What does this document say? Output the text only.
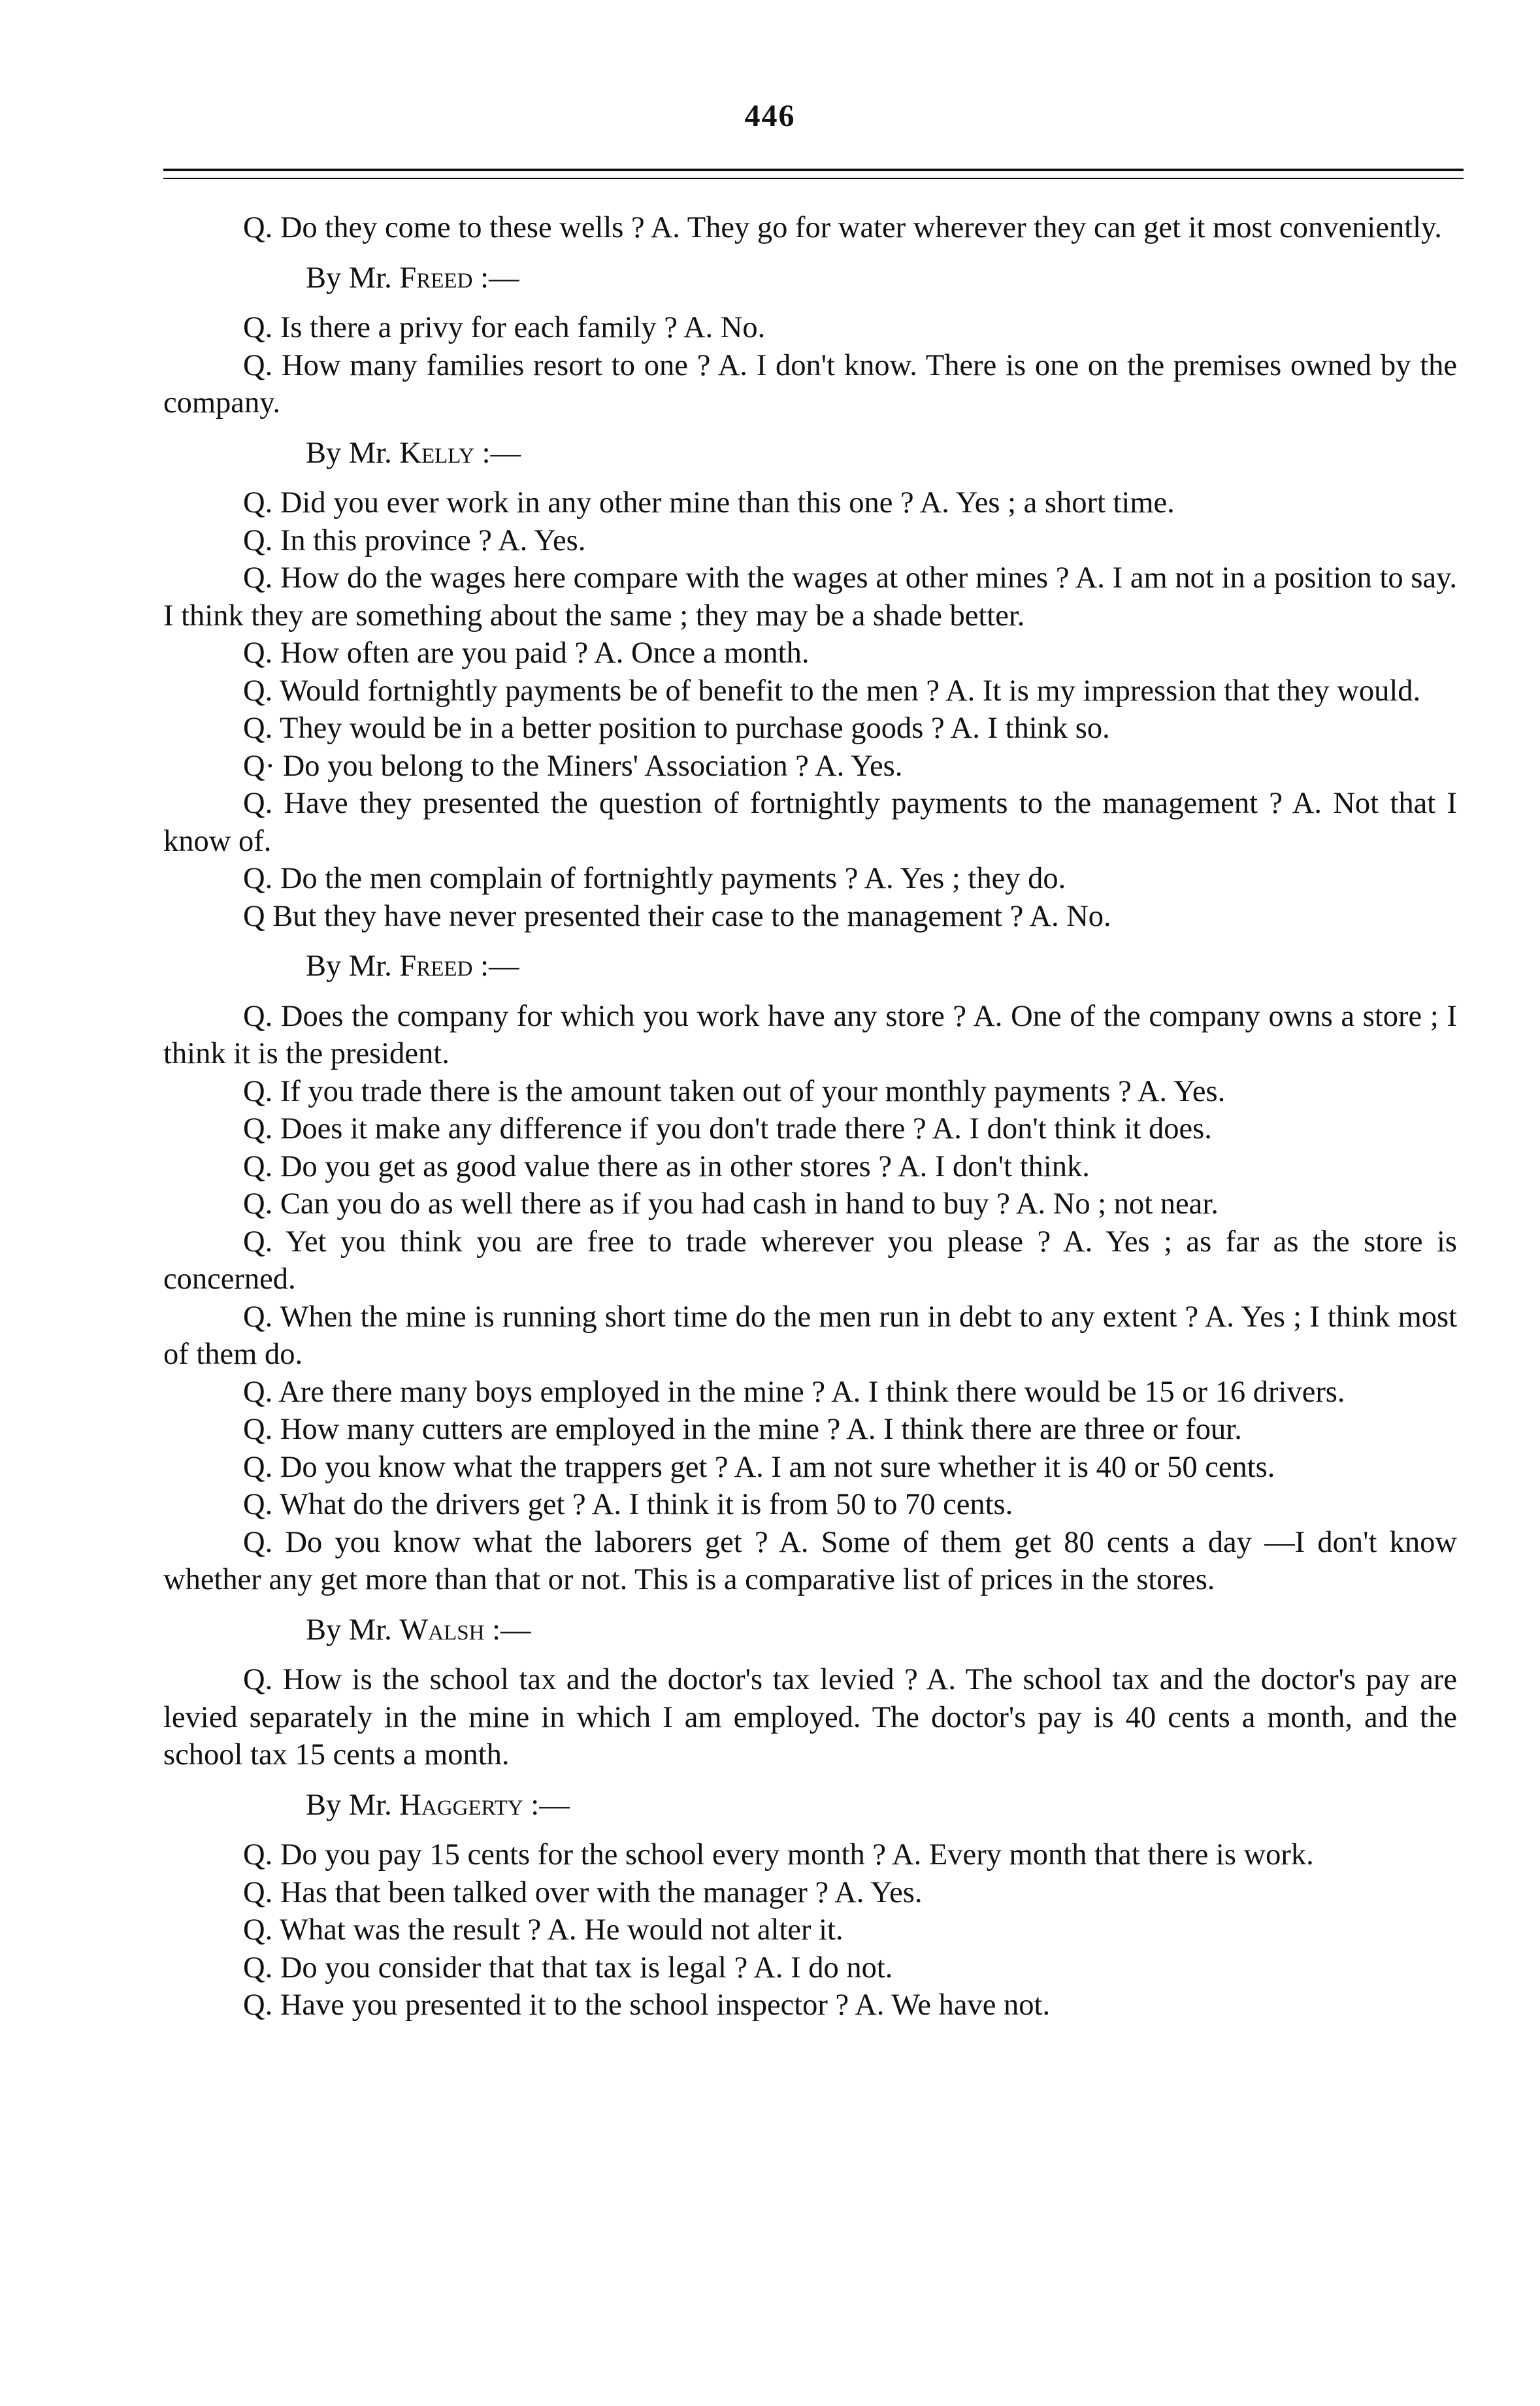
446

Q. Do they come to these wells ? A. They go for water wherever they can get it most conveniently.

By Mr. Freed :—

Q. Is there a privy for each family ? A. No.

Q. How many families resort to one ? A. I don't know. There is one on the premises owned by the company.

By Mr. Kelly :—

Q. Did you ever work in any other mine than this one ? A. Yes ; a short time.

Q. In this province ? A. Yes.

Q. How do the wages here compare with the wages at other mines ? A. I am not in a position to say. I think they are something about the same ; they may be a shade better.

Q. How often are you paid ? A. Once a month.

Q. Would fortnightly payments be of benefit to the men ? A. It is my impression that they would.

Q. They would be in a better position to purchase goods ? A. I think so.

Q· Do you belong to the Miners' Association ? A. Yes.

Q. Have they presented the question of fortnightly payments to the management ? A. Not that I know of.

Q. Do the men complain of fortnightly payments ? A. Yes ; they do.

Q But they have never presented their case to the management ? A. No.

By Mr. Freed :—

Q. Does the company for which you work have any store ? A. One of the company owns a store ; I think it is the president.

Q. If you trade there is the amount taken out of your monthly payments ? A. Yes.

Q. Does it make any difference if you don't trade there ? A. I don't think it does.

Q. Do you get as good value there as in other stores ? A. I don't think.

Q. Can you do as well there as if you had cash in hand to buy ? A. No ; not near.

Q. Yet you think you are free to trade wherever you please ? A. Yes ; as far as the store is concerned.

Q. When the mine is running short time do the men run in debt to any extent ? A. Yes ; I think most of them do.

Q. Are there many boys employed in the mine ? A. I think there would be 15 or 16 drivers.

Q. How many cutters are employed in the mine ? A. I think there are three or four.

Q. Do you know what the trappers get ? A. I am not sure whether it is 40 or 50 cents.

Q. What do the drivers get ? A. I think it is from 50 to 70 cents.

Q. Do you know what the laborers get ? A. Some of them get 80 cents a day —I don't know whether any get more than that or not. This is a comparative list of prices in the stores.

By Mr. Walsh :—

Q. How is the school tax and the doctor's tax levied ? A. The school tax and the doctor's pay are levied separately in the mine in which I am employed. The doctor's pay is 40 cents a month, and the school tax 15 cents a month.

By Mr. Haggerty :—

Q. Do you pay 15 cents for the school every month ? A. Every month that there is work.

Q. Has that been talked over with the manager ? A. Yes.

Q. What was the result ? A. He would not alter it.

Q. Do you consider that that tax is legal ? A. I do not.

Q. Have you presented it to the school inspector ? A. We have not.
